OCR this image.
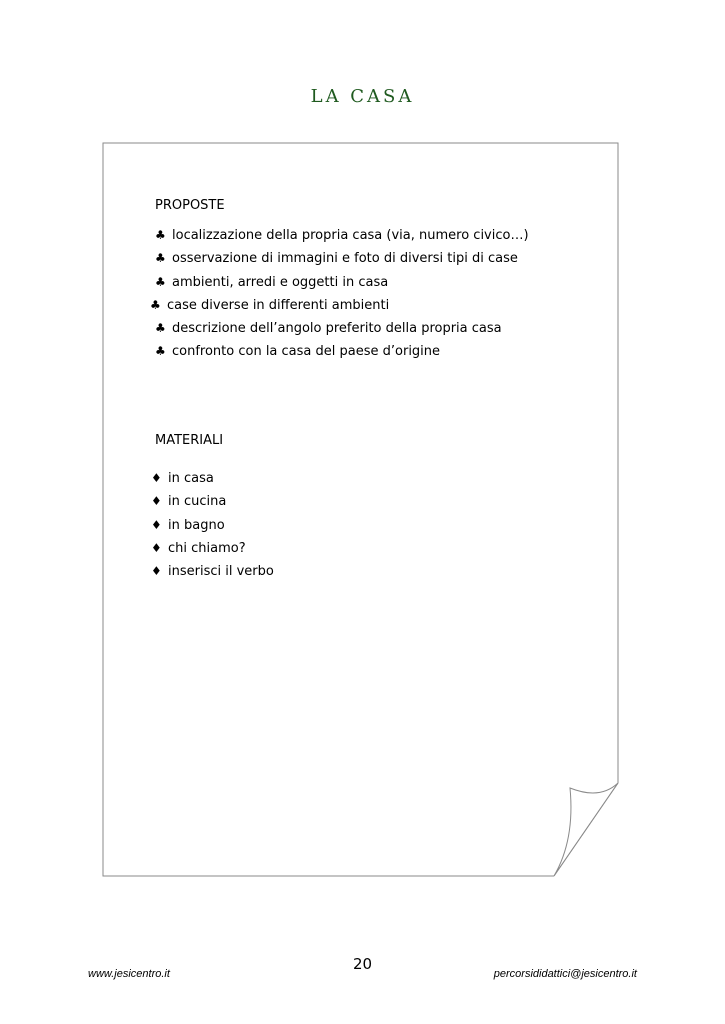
LA CASA
PROPOSTE
♣ localizzazione della propria casa (via, numero civico…)
♣ osservazione di immagini e foto di diversi tipi di case
♣ ambienti, arredi e oggetti in casa
♣ case diverse in differenti ambienti
♣ descrizione dell’angolo preferito della propria casa
♣ confronto con la casa del paese d’origine
MATERIALI
♦ in casa
♦ in cucina
♦ in bagno
♦ chi chiamo?
♦ inserisci il verbo
20
www.jesicentro.it	percorsididattici@jesicentro.it
